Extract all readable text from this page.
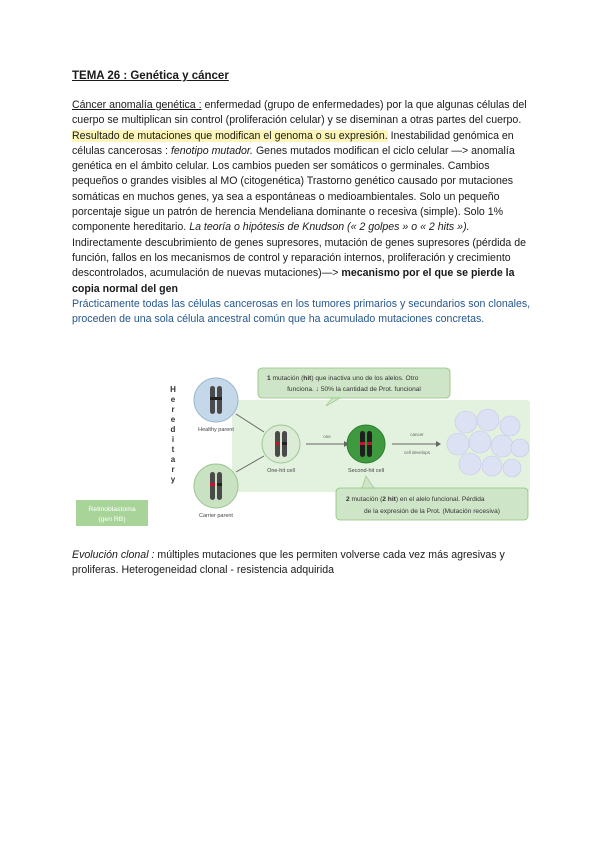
TEMA 26 : Genética y cáncer

Cáncer anomalía genética : enfermedad (grupo de enfermedades) por la que algunas células del cuerpo se multiplican sin control (proliferación celular) y se diseminan a otras partes del cuerpo. Resultado de mutaciones que modifican el genoma o su expresión. Inestabilidad genómica en células cancerosas : fenotipo mutador. Genes mutados modifican el ciclo celular —> anomalía genética en el ámbito celular. Los cambios pueden ser somáticos o germinales. Cambios pequeños o grandes visibles al MO (citogenética) Trastorno genético causado por mutaciones somáticas en muchos genes, ya sea a espontáneas o medioambientales. Solo un pequeño porcentaje sigue un patrón de herencia Mendeliana dominante o recesiva (simple). Solo 1% componente hereditario. La teoría o hipótesis de Knudson (« 2 golpes » o « 2 hits »). Indirectamente descubrimiento de genes supresores, mutación de genes supresores (pérdida de función, fallos en los mecanismos de control y reparación internos, proliferación y crecimiento descontrolados, acumulación de nuevas mutaciones)—> mecanismo por el que se pierde la copia normal del gen
Prácticamente todas las células cancerosas en los tumores primarios y secundarios son clonales, proceden de una sola célula ancestral común que ha acumulado mutaciones concretas.

H
e
r
e
d
i
t
a
r
y
Healthy parent
Carrier parent
One-hit cell
one
Second-hit cell
cancer
cell develops
1 mutación (hit) que inactiva uno de los alelos. Otro
funciona. ↓ 50% la cantidad de Prot. funcional
2 mutación (2 hit) en el alelo funcional. Pérdida
de la expresión de la Prot. (Mutación recesiva)
Retinoblastoma
(gen RB)

Evolución clonal : múltiples mutaciones que les permiten volverse cada vez más agresivas y proliferas. Heterogeneidad clonal - resistencia adquirida
